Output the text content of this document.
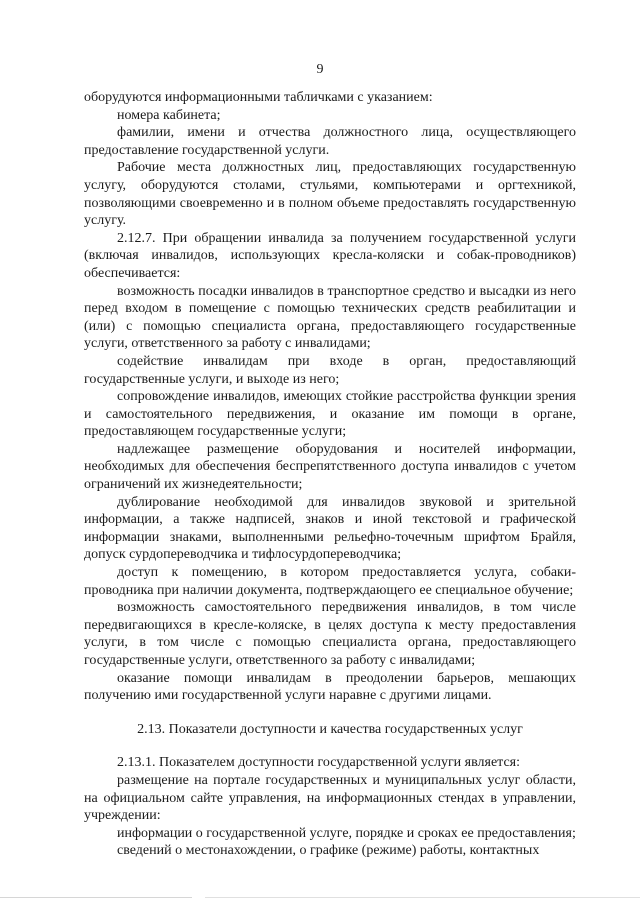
9

оборудуются информационными табличками с указанием:

номера кабинета;

фамилии, имени и отчества должностного лица, осуществляющего предоставление государственной услуги.

Рабочие места должностных лиц, предоставляющих государственную услугу, оборудуются столами, стульями, компьютерами и оргтехникой, позволяющими своевременно и в полном объеме предоставлять государственную услугу.

2.12.7. При обращении инвалида за получением государственной услуги (включая инвалидов, использующих кресла-коляски и собак-проводников) обеспечивается:

возможность посадки инвалидов в транспортное средство и высадки из него перед входом в помещение с помощью технических средств реабилитации и (или) с помощью специалиста органа, предоставляющего государственные услуги, ответственного за работу с инвалидами;

содействие инвалидам при входе в орган, предоставляющий государственные услуги, и выходе из него;

сопровождение инвалидов, имеющих стойкие расстройства функции зрения и самостоятельного передвижения, и оказание им помощи в органе, предоставляющем государственные услуги;

надлежащее размещение оборудования и носителей информации, необходимых для обеспечения беспрепятственного доступа инвалидов с учетом ограничений их жизнедеятельности;

дублирование необходимой для инвалидов звуковой и зрительной информации, а также надписей, знаков и иной текстовой и графической информации знаками, выполненными рельефно-точечным шрифтом Брайля, допуск сурдопереводчика и тифлосурдопереводчика;

доступ к помещению, в котором предоставляется услуга, собаки-проводника при наличии документа, подтверждающего ее специальное обучение;

возможность самостоятельного передвижения инвалидов, в том числе передвигающихся в кресле-коляске, в целях доступа к месту предоставления услуги, в том числе с помощью специалиста органа, предоставляющего государственные услуги, ответственного за работу с инвалидами;

оказание помощи инвалидам в преодолении барьеров, мешающих получению ими государственной услуги наравне с другими лицами.

2.13. Показатели доступности и качества государственных услуг

2.13.1. Показателем доступности государственной услуги является:

размещение на портале государственных и муниципальных услуг области, на официальном сайте управления, на информационных стендах в управлении, учреждении:

информации о государственной услуге, порядке и сроках ее предоставления;

сведений о местонахождении, о графике (режиме) работы, контактных
